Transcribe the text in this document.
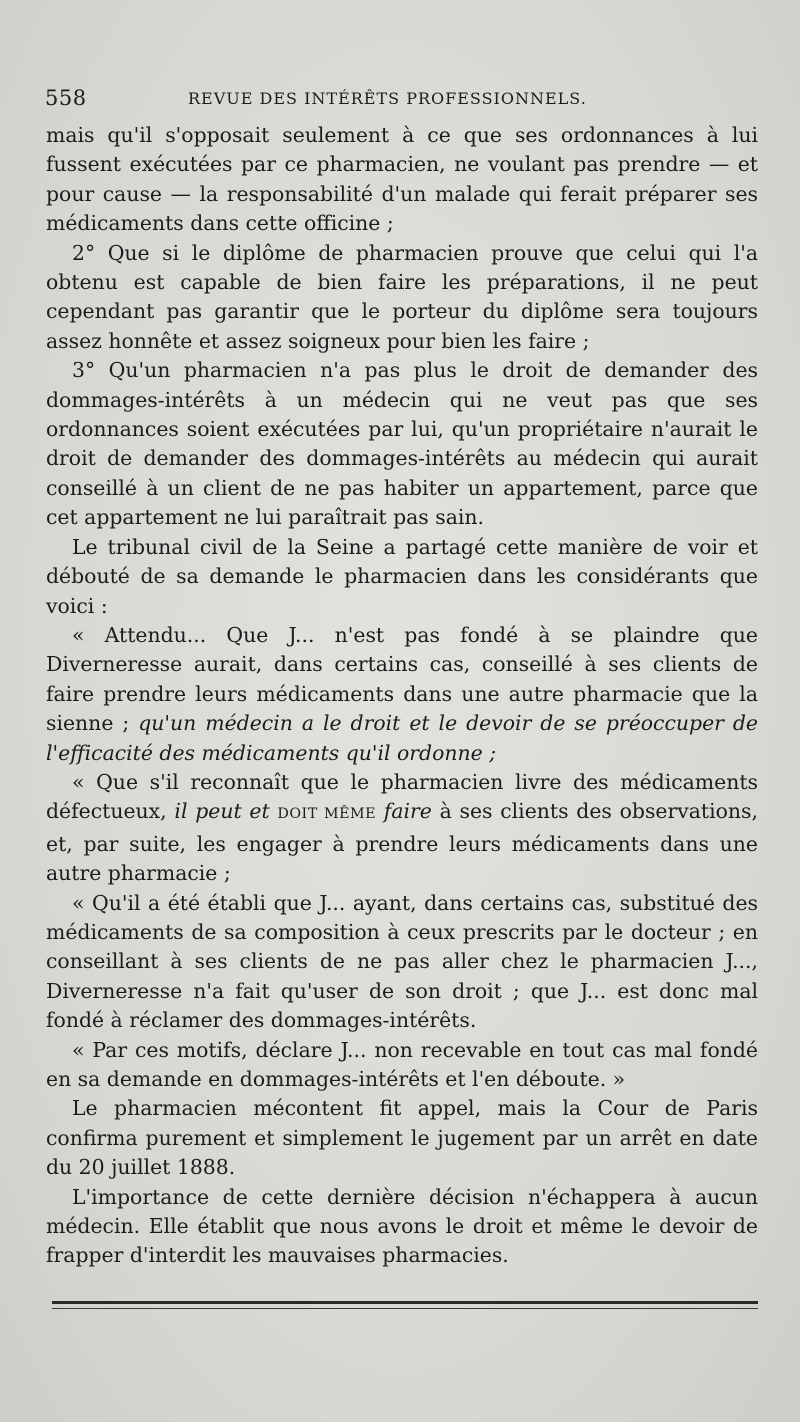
558	REVUE DES INTÉRÊTS PROFESSIONNELS.

mais qu'il s'opposait seulement à ce que ses ordonnances à lui fussent exécutées par ce pharmacien, ne voulant pas prendre — et pour cause — la responsabilité d'un malade qui ferait préparer ses médicaments dans cette officine ;

2° Que si le diplôme de pharmacien prouve que celui qui l'a obtenu est capable de bien faire les préparations, il ne peut cependant pas garantir que le porteur du diplôme sera toujours assez honnête et assez soigneux pour bien les faire ;

3° Qu'un pharmacien n'a pas plus le droit de demander des dommages-intérêts à un médecin qui ne veut pas que ses ordonnances soient exécutées par lui, qu'un propriétaire n'aurait le droit de demander des dommages-intérêts au médecin qui aurait conseillé à un client de ne pas habiter un appartement, parce que cet appartement ne lui paraîtrait pas sain.

Le tribunal civil de la Seine a partagé cette manière de voir et débouté de sa demande le pharmacien dans les considérants que voici :

« Attendu... Que J... n'est pas fondé à se plaindre que Diverneresse aurait, dans certains cas, conseillé à ses clients de faire prendre leurs médicaments dans une autre pharmacie que la sienne ; qu'un médecin a le droit et le devoir de se préoccuper de l'efficacité des médicaments qu'il ordonne ;

« Que s'il reconnaît que le pharmacien livre des médicaments défectueux, il peut et DOIT MÊME faire à ses clients des observations, et, par suite, les engager à prendre leurs médicaments dans une autre pharmacie ;

« Qu'il a été établi que J... ayant, dans certains cas, substitué des médicaments de sa composition à ceux prescrits par le docteur ; en conseillant à ses clients de ne pas aller chez le pharmacien J..., Diverneresse n'a fait qu'user de son droit ; que J... est donc mal fondé à réclamer des dommages-intérêts.

« Par ces motifs, déclare J... non recevable en tout cas mal fondé en sa demande en dommages-intérêts et l'en déboute. »

Le pharmacien mécontent fit appel, mais la Cour de Paris confirma purement et simplement le jugement par un arrêt en date du 20 juillet 1888.

L'importance de cette dernière décision n'échappera à aucun médecin. Elle établit que nous avons le droit et même le devoir de frapper d'interdit les mauvaises pharmacies.
